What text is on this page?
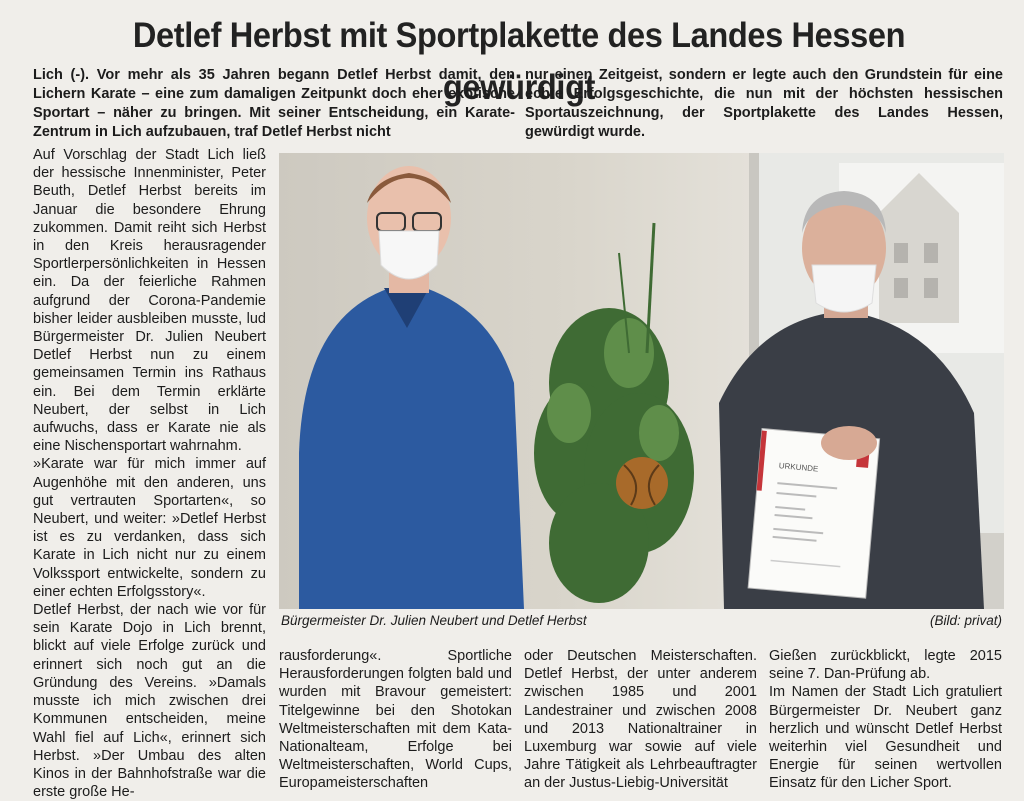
Detlef Herbst mit Sportplakette des Landes Hessen gewürdigt
Lich (-). Vor mehr als 35 Jahren begann Detlef Herbst damit, den Lichern Karate – eine zum damaligen Zeitpunkt doch eher exotische Sportart – näher zu bringen. Mit seiner Entscheidung, ein Karate-Zentrum in Lich aufzubauen, traf Detlef Herbst nicht
nur einen Zeitgeist, sondern er legte auch den Grundstein für eine echte Erfolgsgeschichte, die nun mit der höchsten hessischen Sportauszeichnung, der Sportplakette des Landes Hessen, gewürdigt wurde.

Auf Vorschlag der Stadt Lich ließ der hessische Innenminister, Peter Beuth, Detlef Herbst bereits im Januar die besondere Ehrung zukommen. Damit reiht sich Herbst in den Kreis herausragender Sportlerpersönlichkeiten in Hessen ein. Da der feierliche Rahmen aufgrund der Corona-Pandemie bisher leider ausbleiben musste, lud Bürgermeister Dr. Julien Neubert Detlef Herbst nun zu einem gemeinsamen Termin ins Rathaus ein. Bei dem Termin erklärte Neubert, der selbst in Lich aufwuchs, dass er Karate nie als eine Nischensportart wahrnahm.

»Karate war für mich immer auf Augenhöhe mit den anderen, uns gut vertrauten Sportarten«, so Neubert, und weiter: »Detlef Herbst ist es zu verdanken, dass sich Karate in Lich nicht nur zu einem Volkssport entwickelte, sondern zu einer echten Erfolgsstory«.

Detlef Herbst, der nach wie vor für sein Karate Dojo in Lich brennt, blickt auf viele Erfolge zurück und erinnert sich noch gut an die Gründung des Vereins. »Damals musste ich mich zwischen drei Kommunen entscheiden, meine Wahl fiel auf Lich«, erinnert sich Herbst. »Der Umbau des alten Kinos in der Bahnhofstraße war die erste große He-

URKUNDE
Bürgermeister Dr. Julien Neubert und Detlef Herbst	(Bild: privat)
rausforderung«. Sportliche Herausforderungen folgten bald und wurden mit Bravour gemeistert: Titelgewinne bei den Shotokan Weltmeisterschaften mit dem Kata-Nationalteam, Erfolge bei Weltmeisterschaften, World Cups, Europameisterschaften
oder Deutschen Meisterschaften. Detlef Herbst, der unter anderem zwischen 1985 und 2001 Landestrainer und zwischen 2008 und 2013 Nationaltrainer in Luxemburg war sowie auf viele Jahre Tätigkeit als Lehrbeauftragter an der Justus-Liebig-Universität

Gießen zurückblickt, legte 2015 seine 7. Dan-Prüfung ab.

Im Namen der Stadt Lich gratuliert Bürgermeister Dr. Neubert ganz herzlich und wünscht Detlef Herbst weiterhin viel Gesundheit und Energie für seinen wertvollen Einsatz für den Licher Sport.
